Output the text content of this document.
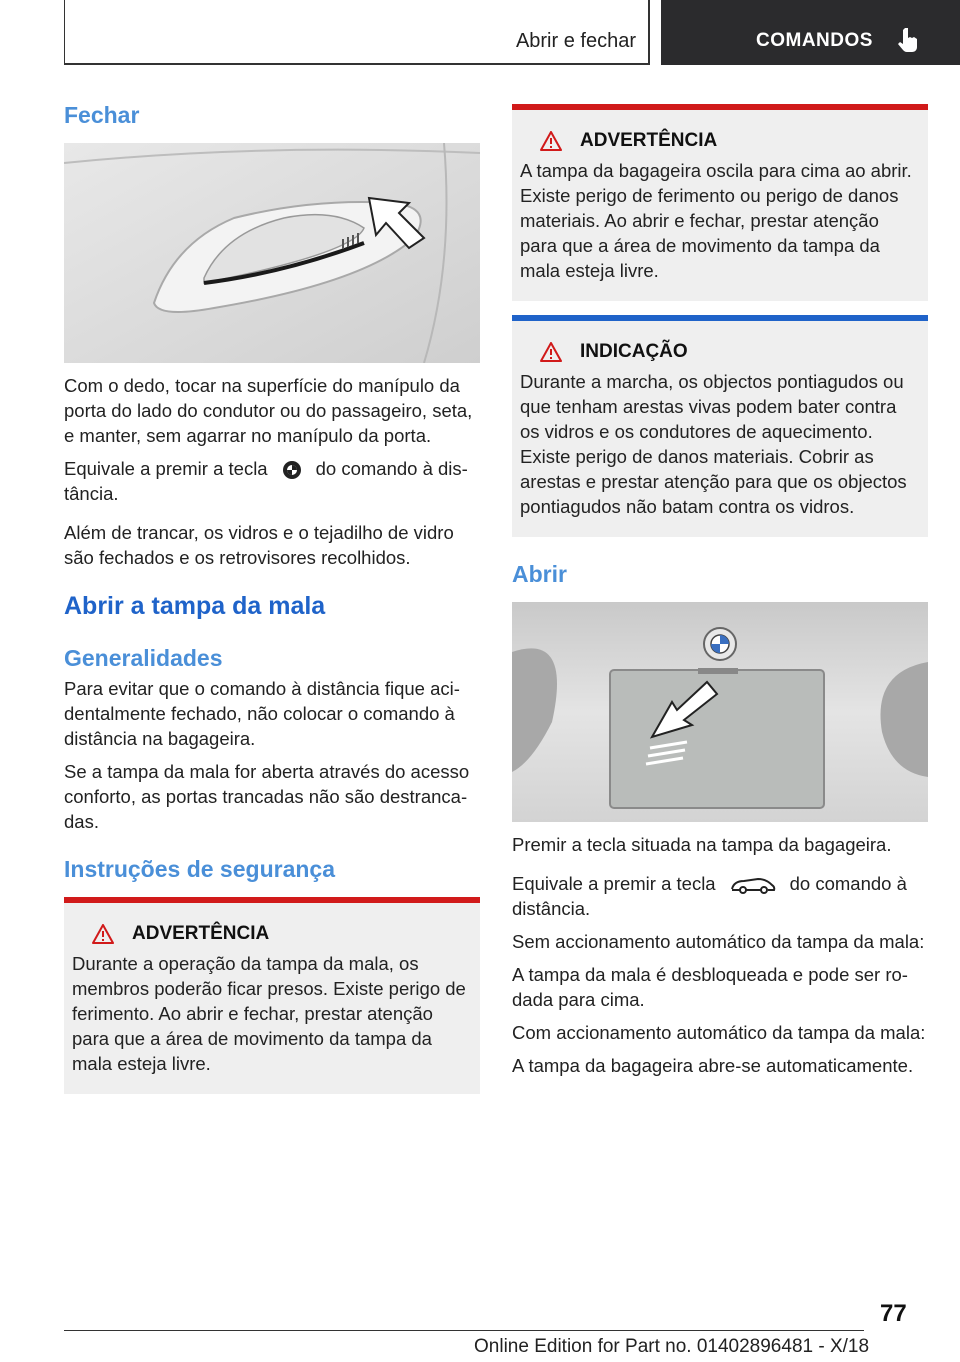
Abrir e fechar	COMANDOS
Fechar

Com o dedo, tocar na superfície do manípulo da porta do lado do condutor ou do passageiro, seta, e manter, sem agarrar no manípulo da porta.

Equivale a premir a tecla	do comando à dis-tância.

Além de trancar, os vidros e o tejadilho de vidro são fechados e os retrovisores recolhidos.

Abrir a tampa da mala
Generalidades

Para evitar que o comando à distância fique aci-dentalmente fechado, não colocar o comando à distância na bagageira.

Se a tampa da mala for aberta através do acesso conforto, as portas trancadas não são destranca-das.

Instruções de segurança
ADVERTÊNCIA

Durante a operação da tampa da mala, os membros poderão ficar presos. Existe perigo de ferimento. Ao abrir e fechar, prestar atenção para que a área de movimento da tampa da mala esteja livre.

ADVERTÊNCIA

A tampa da bagageira oscila para cima ao abrir. Existe perigo de ferimento ou perigo de danos materiais. Ao abrir e fechar, prestar atenção para que a área de movimento da tampa da mala esteja livre.

INDICAÇÃO

Durante a marcha, os objectos pontiagudos ou que tenham arestas vivas podem bater contra os vidros e os condutores de aquecimento. Existe perigo de danos materiais. Cobrir as arestas e prestar atenção para que os objectos pontiagudos não batam contra os vidros.

Abrir

Premir a tecla situada na tampa da bagageira.

Equivale a premir a tecla	do comando à distância.

Sem accionamento automático da tampa da mala:

A tampa da mala é desbloqueada e pode ser ro-dada para cima.

Com accionamento automático da tampa da mala:

A tampa da bagageira abre-se automaticamente.

77
Online Edition for Part no. 01402896481 - X/18
